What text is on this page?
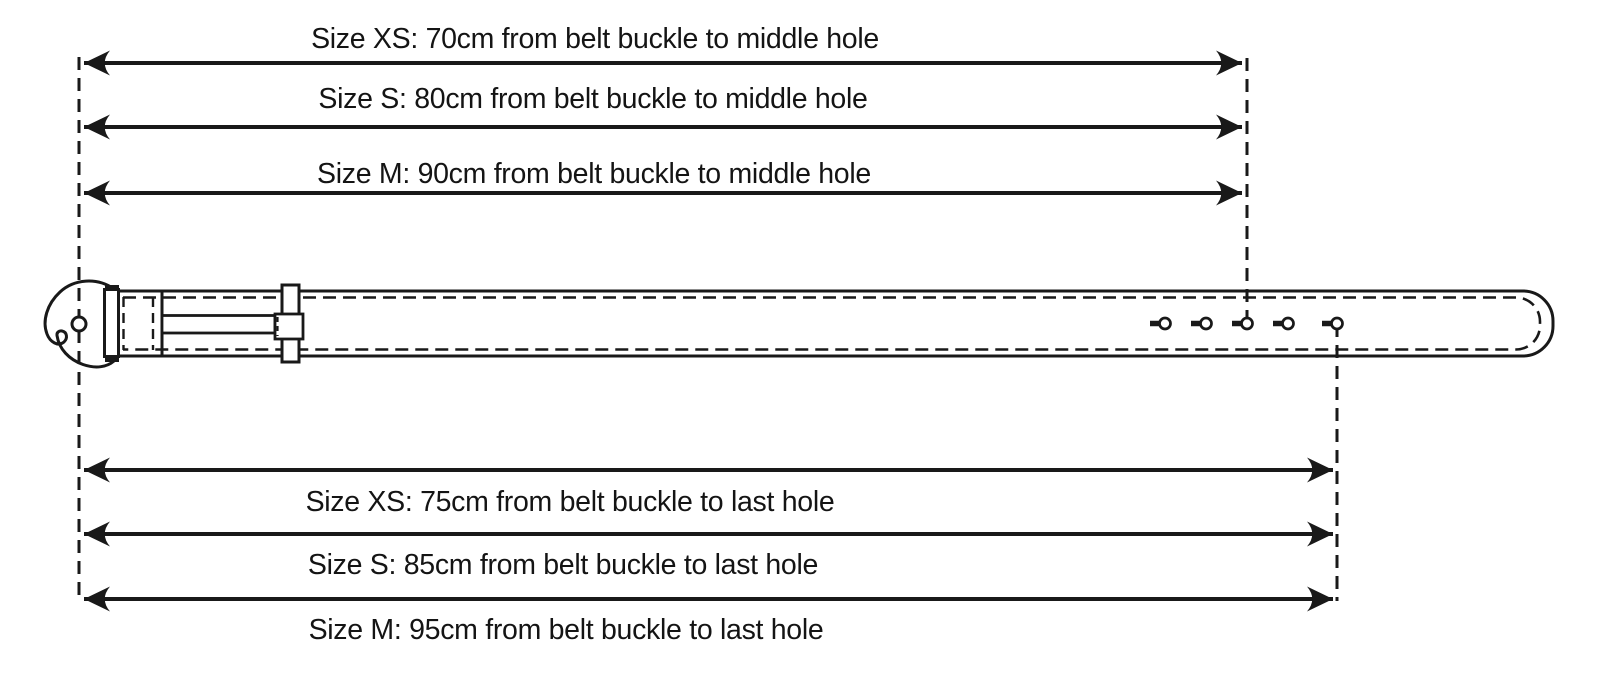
Size XS: 70cm from belt buckle to middle hole
Size S: 80cm from belt buckle to middle hole
Size M: 90cm from belt buckle to middle hole
Size XS: 75cm from belt buckle to last hole
Size S: 85cm from belt buckle to last hole
Size M: 95cm from belt buckle to last hole
